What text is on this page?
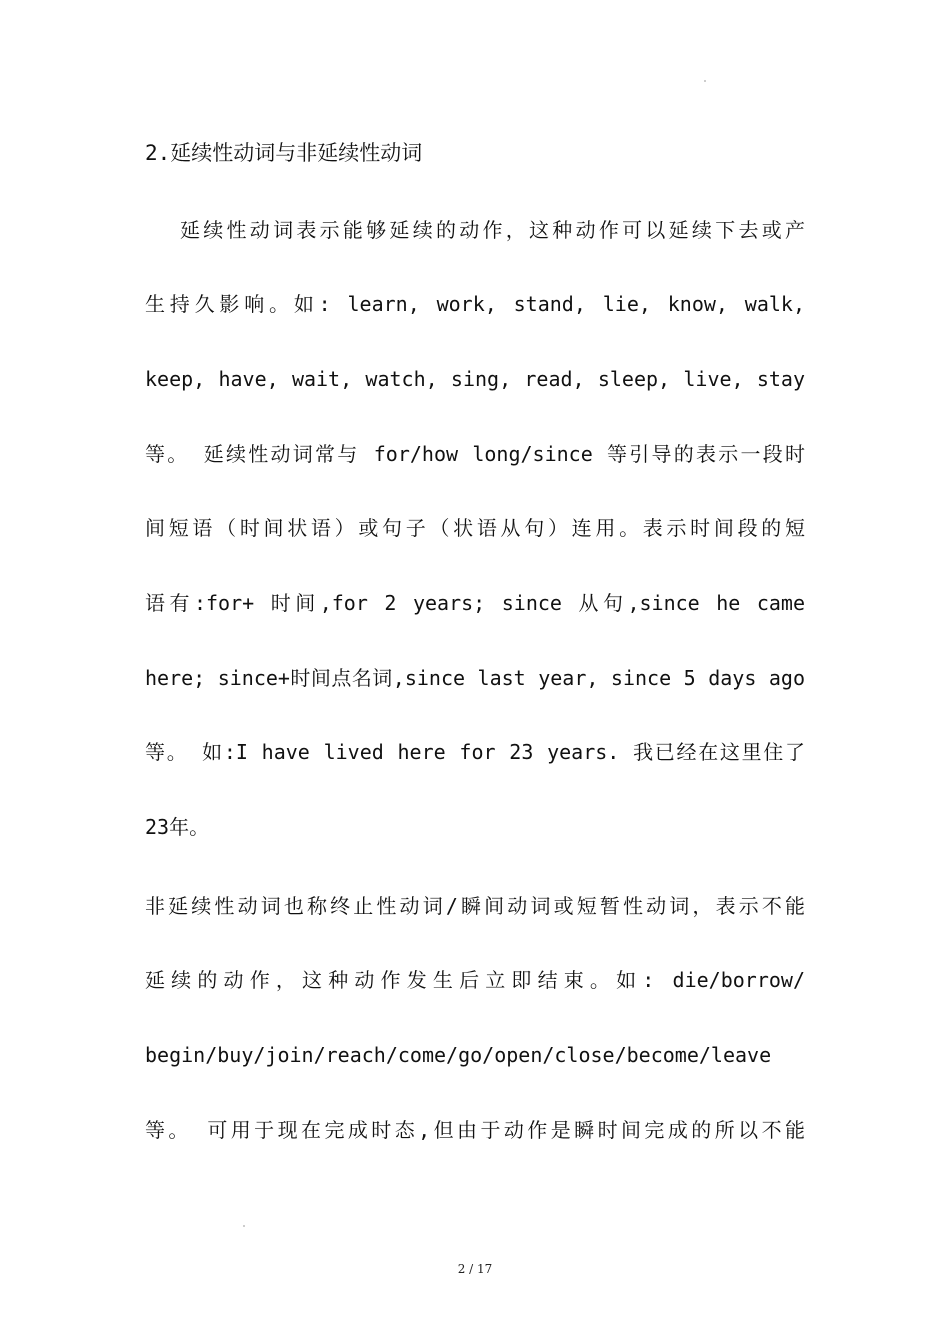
2.延续性动词与非延续性动词
延续性动词表示能够延续的动作，这种动作可以延续下去或产
生持久影响。如: learn, work, stand, lie, know, walk,
keep, have, wait, watch, sing, read, sleep, live, stay
等。 延续性动词常与 for/how long/since 等引导的表示一段时
间短语（时间状语）或句子（状语从句）连用。表示时间段的短
语有:for+ 时间,for 2 years; since 从句,since he came
here; since+时间点名词,since last year, since 5 days ago
等。 如:I have lived here for 23 years. 我已经在这里住了
23年。
非延续性动词也称终止性动词/瞬间动词或短暂性动词，表示不能
延续的动作，这种动作发生后立即结束。如: die/borrow/
begin/buy/join/reach/come/go/open/close/become/leave
等。 可用于现在完成时态,但由于动作是瞬时间完成的所以不能
2 / 17
